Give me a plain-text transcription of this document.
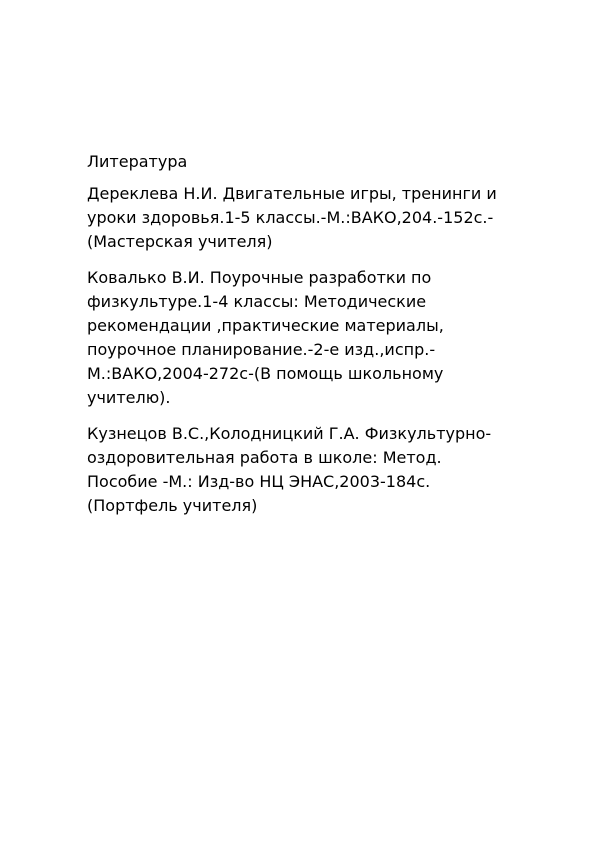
Литература
Дереклева Н.И. Двигательные игры, тренинги и
уроки здоровья.1-5 классы.-М.:ВАКО,204.-152с.-
(Мастерская учителя)
Ковалько В.И. Поурочные разработки по
физкультуре.1-4 классы: Методические
рекомендации ,практические материалы,
поурочное планирование.-2-е изд.,испр.-
М.:ВАКО,2004-272с-(В помощь школьному
учителю).
Кузнецов В.С.,Колодницкий Г.А. Физкультурно-
оздоровительная работа в школе: Метод.
Пособие -М.: Изд-во НЦ ЭНАС,2003-184с.
(Портфель учителя)
